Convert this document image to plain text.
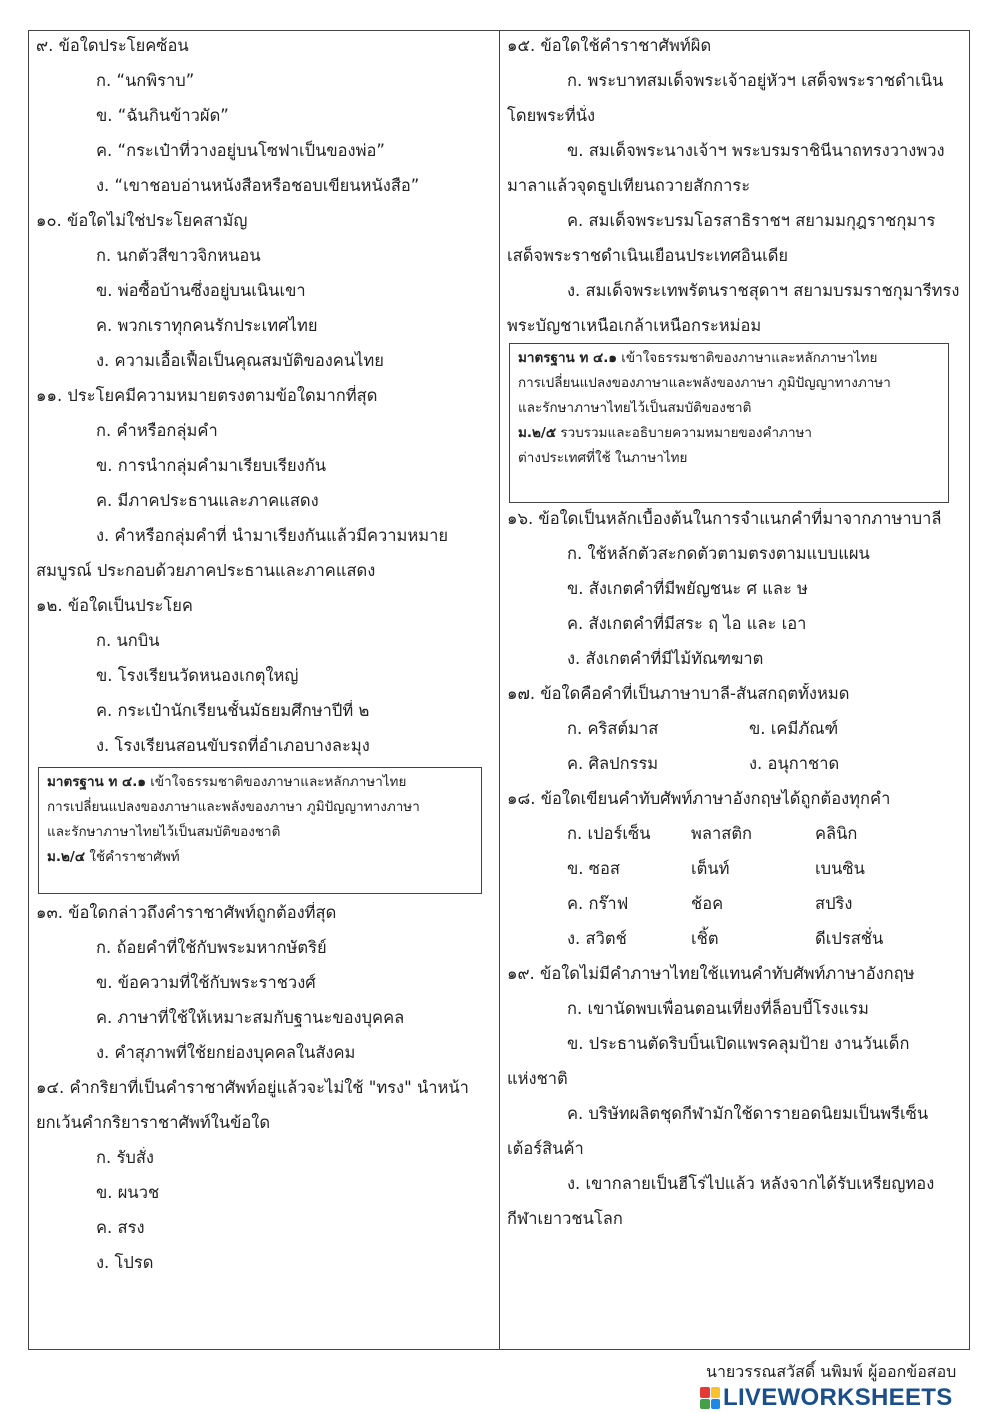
๙. ข้อใดประโยคซ้อน

ก. “นกพิราบ”

ข. “ฉันกินข้าวผัด”

ค. “กระเป๋าที่วางอยู่บนโซฟาเป็นของพ่อ”

ง. “เขาชอบอ่านหนังสือหรือชอบเขียนหนังสือ”

๑๐. ข้อใดไม่ใช่ประโยคสามัญ

ก. นกตัวสีขาวจิกหนอน

ข. พ่อซื้อบ้านซึ่งอยู่บนเนินเขา

ค. พวกเราทุกคนรักประเทศไทย

ง. ความเอื้อเฟื้อเป็นคุณสมบัติของคนไทย

๑๑. ประโยคมีความหมายตรงตามข้อใดมากที่สุด

ก. คำหรือกลุ่มคำ

ข. การนำกลุ่มคำมาเรียบเรียงกัน

ค. มีภาคประธานและภาคแสดง

ง. คำหรือกลุ่มคำที่ นำมาเรียงกันแล้วมีความหมาย

สมบูรณ์ ประกอบด้วยภาคประธานและภาคแสดง

๑๒. ข้อใดเป็นประโยค

ก. นกบิน

ข. โรงเรียนวัดหนองเกตุใหญ่

ค. กระเป๋านักเรียนชั้นมัธยมศึกษาปีที่ ๒

ง. โรงเรียนสอนขับรถที่อำเภอบางละมุง

มาตรฐาน ท ๔.๑ เข้าใจธรรมชาติของภาษาและหลักภาษาไทย

การเปลี่ยนแปลงของภาษาและพลังของภาษา ภูมิปัญญาทางภาษา

และรักษาภาษาไทยไว้เป็นสมบัติของชาติ

ม.๒/๔ ใช้คำราชาศัพท์

๑๓. ข้อใดกล่าวถึงคำราชาศัพท์ถูกต้องที่สุด

ก. ถ้อยคำที่ใช้กับพระมหากษัตริย์

ข. ข้อความที่ใช้กับพระราชวงศ์

ค. ภาษาที่ใช้ให้เหมาะสมกับฐานะของบุคคล

ง. คำสุภาพที่ใช้ยกย่องบุคคลในสังคม

๑๔. คำกริยาที่เป็นคำราชาศัพท์อยู่แล้วจะไม่ใช้ "ทรง" นำหน้า

ยกเว้นคำกริยาราชาศัพท์ในข้อใด

ก. รับสั่ง

ข. ผนวช

ค. สรง

ง. โปรด

๑๕. ข้อใดใช้คำราชาศัพท์ผิด

ก. พระบาทสมเด็จพระเจ้าอยู่หัวฯ เสด็จพระราชดำเนิน

โดยพระที่นั่ง

ข. สมเด็จพระนางเจ้าฯ พระบรมราชินีนาถทรงวางพวง

มาลาแล้วจุดธูปเทียนถวายสักการะ

ค. สมเด็จพระบรมโอรสาธิราชฯ สยามมกุฎราชกุมาร

เสด็จพระราชดำเนินเยือนประเทศอินเดีย

ง. สมเด็จพระเทพรัตนราชสุดาฯ สยามบรมราชกุมารีทรง

พระบัญชาเหนือเกล้าเหนือกระหม่อม

มาตรฐาน ท ๔.๑ เข้าใจธรรมชาติของภาษาและหลักภาษาไทย

การเปลี่ยนแปลงของภาษาและพลังของภาษา ภูมิปัญญาทางภาษา

และรักษาภาษาไทยไว้เป็นสมบัติของชาติ

ม.๒/๕ รวบรวมและอธิบายความหมายของคำภาษา

ต่างประเทศที่ใช้ ในภาษาไทย

๑๖. ข้อใดเป็นหลักเบื้องต้นในการจำแนกคำที่มาจากภาษาบาลี

ก. ใช้หลักตัวสะกดตัวตามตรงตามแบบแผน

ข. สังเกตคำที่มีพยัญชนะ ศ และ ษ

ค. สังเกตคำที่มีสระ ฤ ไอ และ เอา

ง. สังเกตคำที่มีไม้ทัณฑฆาต

๑๗. ข้อใดคือคำที่เป็นภาษาบาลี-สันสกฤตทั้งหมด

ก. คริสต์มาส	ข. เคมีภัณฑ์
ค. ศิลปกรรม	ง. อนุกาชาด

๑๘. ข้อใดเขียนคำทับศัพท์ภาษาอังกฤษได้ถูกต้องทุกคำ

ก. เปอร์เซ็น	พลาสติก	คลินิก
ข. ซอส	เต็นท์	เบนซิน
ค. กร๊าฟ	ช้อค	สปริง
ง. สวิตช์	เชิ้ต	ดีเปรสชั่น

๑๙. ข้อใดไม่มีคำภาษาไทยใช้แทนคำทับศัพท์ภาษาอังกฤษ

ก. เขานัดพบเพื่อนตอนเที่ยงที่ล็อบบี้โรงแรม

ข. ประธานตัดริบบิ้นเปิดแพรคลุมป้าย งานวันเด็ก

แห่งชาติ

ค. บริษัทผลิตชุดกีฬามักใช้ดารายอดนิยมเป็นพรีเซ็น

เต้อร์สินค้า

ง. เขากลายเป็นฮีโร่ไปแล้ว หลังจากได้รับเหรียญทอง

กีฬาเยาวชนโลก

นายวรรณสวัสดิ์ นพิมพ์ ผู้ออกข้อสอบ
LIVEWORKSHEETS
